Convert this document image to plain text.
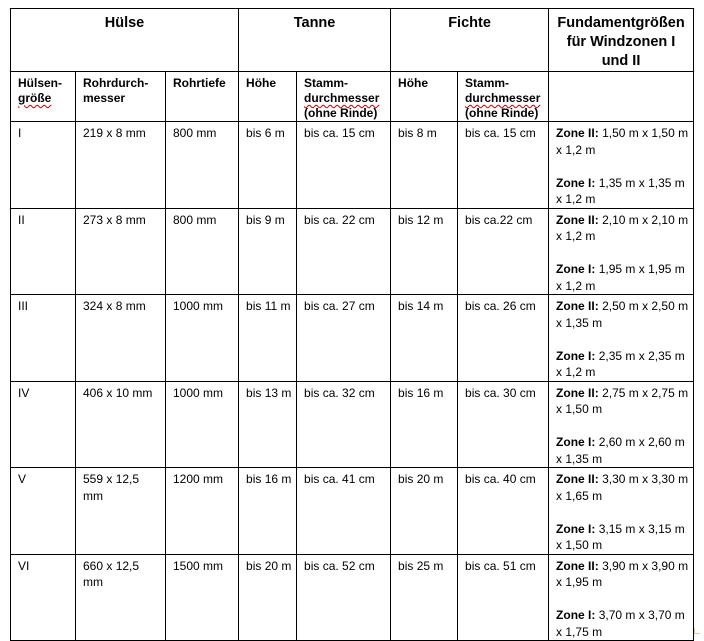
Hülse			Tanne		Fichte		Fundamentgrößen für Windzonen I und II

Hülsen-
größe	Rohrdurch-
messer	Rohrtiefe	Höhe	Stamm-
durchmesser
(ohne Rinde)	Höhe	Stamm-
durchmesser
(ohne Rinde)	

I	219 x 8 mm	800 mm	bis 6 m	bis ca. 15 cm	bis 8 m	bis ca. 15 cm	Zone II: 1,50 m x 1,50 m x 1,2 m
Zone I: 1,35 m x 1,35 m x 1,2 m

II	273 x 8 mm	800 mm	bis 9 m	bis ca. 22 cm	bis 12 m	bis ca.22 cm	Zone II: 2,10 m x 2,10 m x 1,2 m
Zone I: 1,95 m x 1,95 m x 1,2 m

III	324 x 8 mm	1000 mm	bis 11 m	bis ca. 27 cm	bis 14 m	bis ca. 26 cm	Zone II: 2,50 m x 2,50 m x 1,35 m
Zone I: 2,35 m x 2,35 m x 1,2 m

IV	406 x 10 mm	1000 mm	bis 13 m	bis ca. 32 cm	bis 16 m	bis ca. 30 cm	Zone II: 2,75 m x 2,75 m x 1,50 m
Zone I: 2,60 m x 2,60 m x 1,35 m

V	559 x 12,5 mm	1200 mm	bis 16 m	bis ca. 41 cm	bis 20 m	bis ca. 40 cm	Zone II: 3,30 m x 3,30 m x 1,65 m
Zone I: 3,15 m x 3,15 m x 1,50 m

VI	660 x 12,5 mm	1500 mm	bis 20 m	bis ca. 52 cm	bis 25 m	bis ca. 51 cm	Zone II: 3,90 m x 3,90 m x 1,95 m
Zone I: 3,70 m x 3,70 m x 1,75 m
